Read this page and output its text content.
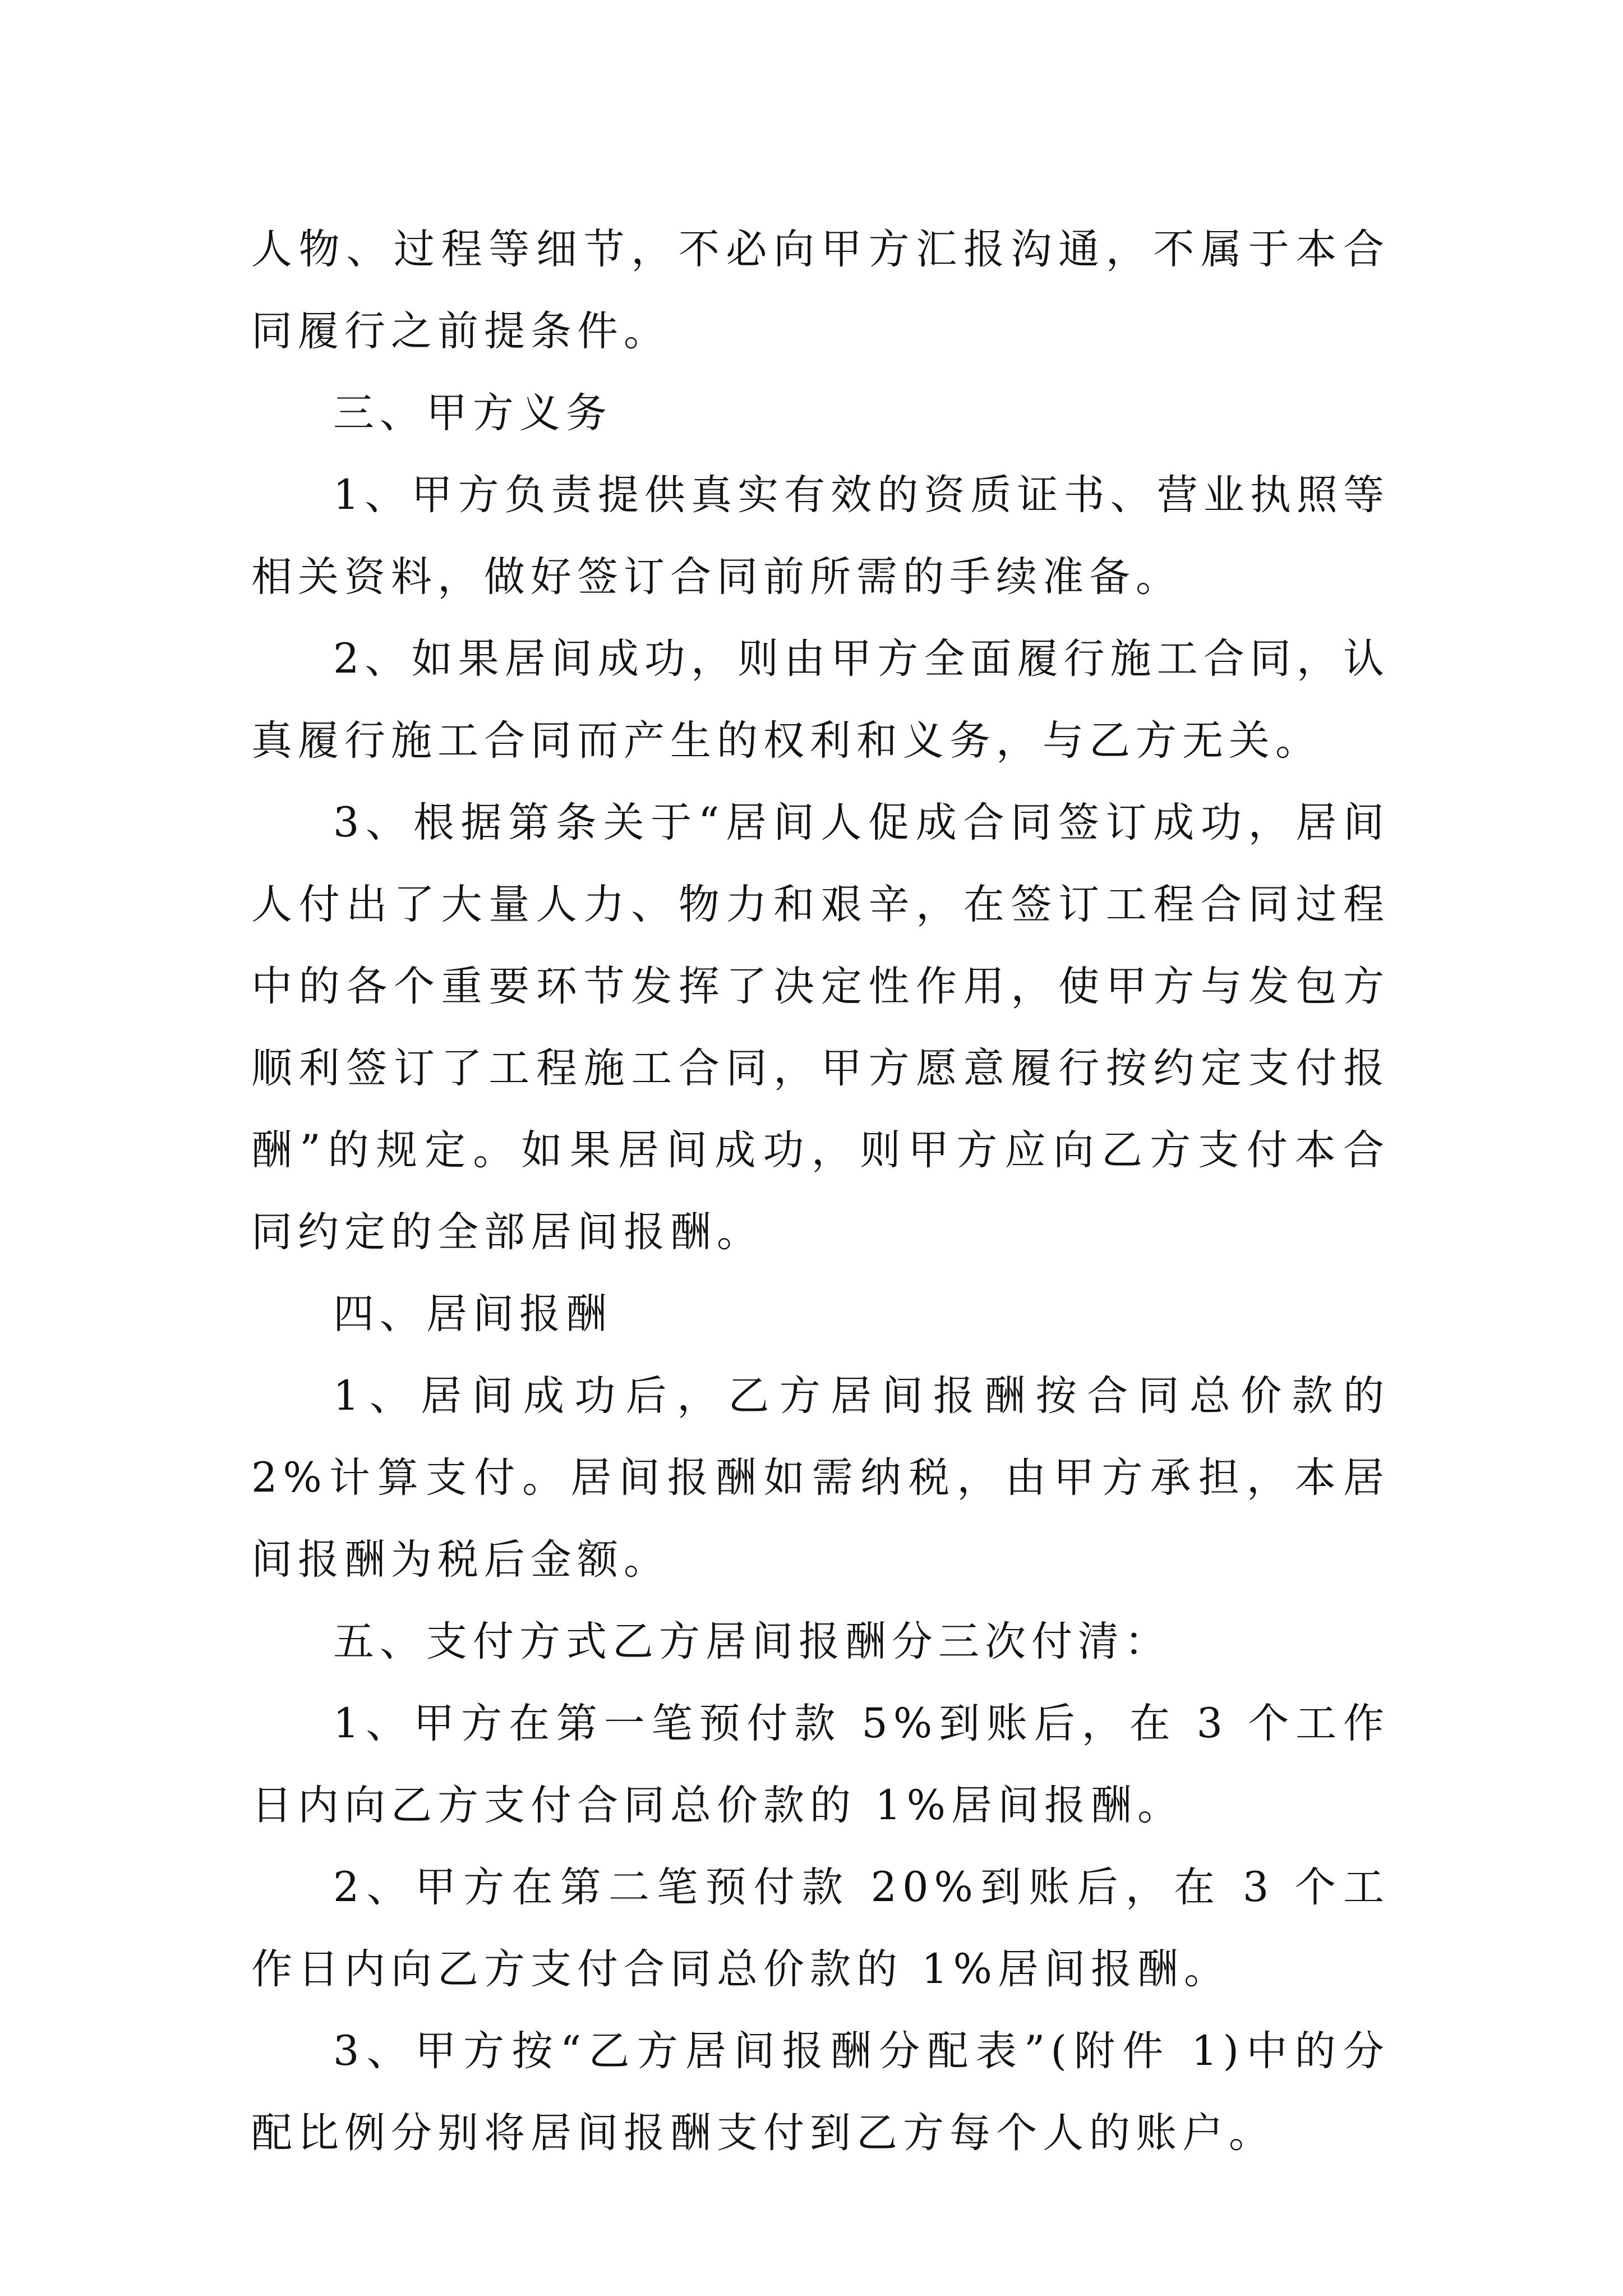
人物、过程等细节，不必向甲方汇报沟通，不属于本合同履行之前提条件。

三、甲方义务

1、甲方负责提供真实有效的资质证书、营业执照等相关资料，做好签订合同前所需的手续准备。

2、如果居间成功，则由甲方全面履行施工合同，认真履行施工合同而产生的权利和义务，与乙方无关。

3、根据第条关于“居间人促成合同签订成功，居间人付出了大量人力、物力和艰辛，在签订工程合同过程中的各个重要环节发挥了决定性作用，使甲方与发包方顺利签订了工程施工合同，甲方愿意履行按约定支付报酬”的规定。如果居间成功，则甲方应向乙方支付本合同约定的全部居间报酬。

四、居间报酬

1、居间成功后，乙方居间报酬按合同总价款的 2%计算支付。居间报酬如需纳税，由甲方承担，本居间报酬为税后金额。

五、支付方式乙方居间报酬分三次付清：

1、甲方在第一笔预付款 5%到账后，在 3 个工作日内向乙方支付合同总价款的 1%居间报酬。

2、甲方在第二笔预付款 20%到账后，在 3 个工作日内向乙方支付合同总价款的 1%居间报酬。

3、甲方按“乙方居间报酬分配表”(附件 1)中的分配比例分别将居间报酬支付到乙方每个人的账户。
